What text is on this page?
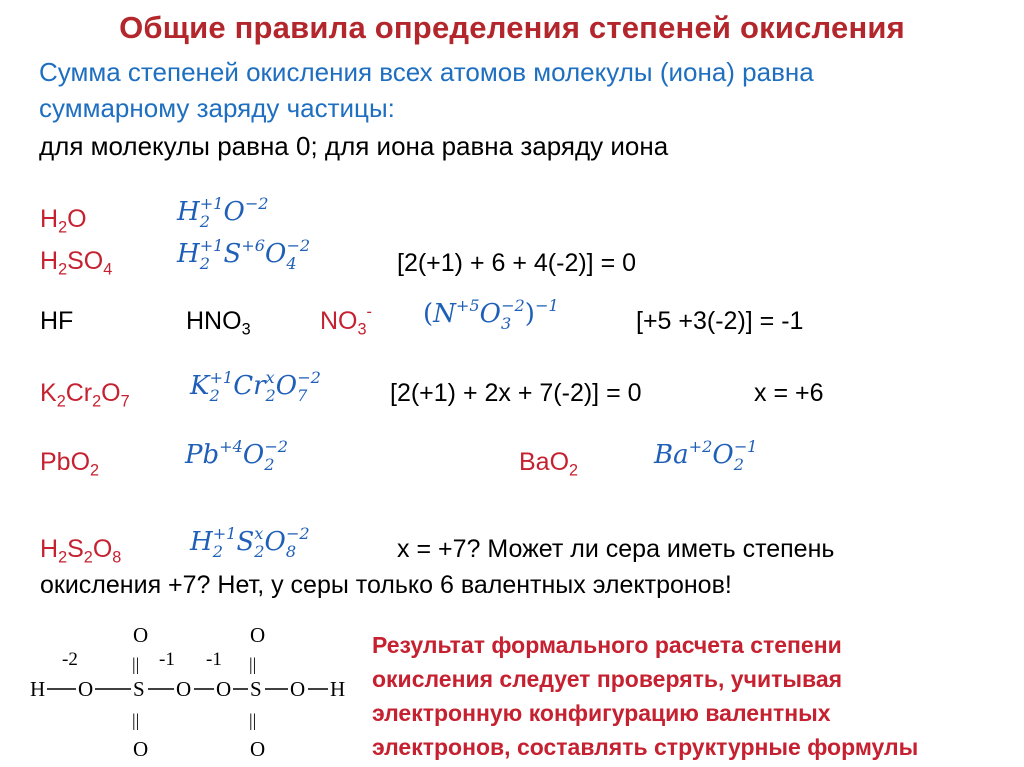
Общие правила определения степеней окисления
Сумма степеней окисления всех атомов молекулы (иона) равна
суммарному заряду частицы:
для молекулы равна 0; для иона равна заряду иона
$H_2O$	H +1
2 O −2

$H_2SO_4$
H +1
2 S +6
O −2
4	[2(+1) + 6 + 4(-2)] = 0
HF	$HNO_3$	$NO_3^-$ (N +5
O −2
3 ) −1

[+5 +3(-2)] = -1
$K_2Cr_2O_7$
K +1
2 Cr x
2 O −2
7	[2(+1) + 2x + 7(-2)] = 0	x = +6
PbO$_2$
Pb +4
O −2
2	BaO$_2$
Ba +2
O −1
2
$H_2S_2O_8$
H +1
2 S x
2 O −2
8	x = +7? Может ли сера иметь степень
окисления +7? Нет, у серы только 6 валентных электронов!
O	O
||	||
-2	-1 -1
H O S O O S O H
||	||
O	O
Результат формального расчета степени
окисления следует проверять, учитывая
электронную конфигурацию валентных
электронов, составлять структурные формулы
